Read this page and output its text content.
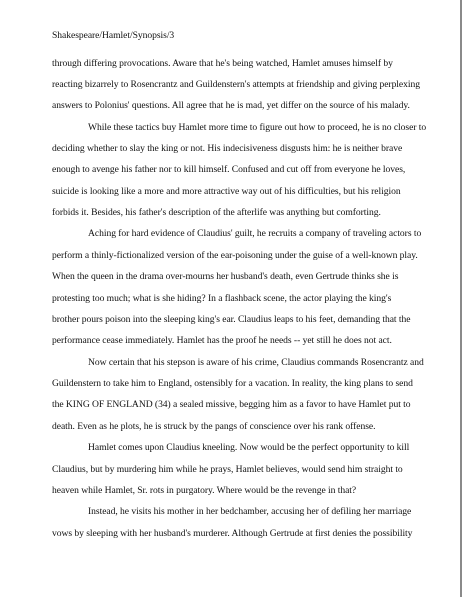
Shakespeare/Hamlet/Synopsis/3
through differing provocations. Aware that he's being watched, Hamlet amuses himself by
reacting bizarrely to Rosencrantz and Guildenstern's attempts at friendship and giving perplexing
answers to Polonius' questions. All agree that he is mad, yet differ on the source of his malady.
While these tactics buy Hamlet more time to figure out how to proceed, he is no closer to
deciding whether to slay the king or not. His indecisiveness disgusts him: he is neither brave
enough to avenge his father nor to kill himself. Confused and cut off from everyone he loves,
suicide is looking like a more and more attractive way out of his difficulties, but his religion
forbids it. Besides, his father's description of the afterlife was anything but comforting.
Aching for hard evidence of Claudius' guilt, he recruits a company of traveling actors to
perform a thinly-fictionalized version of the ear-poisoning under the guise of a well-known play.
When the queen in the drama over-mourns her husband's death, even Gertrude thinks she is
protesting too much; what is she hiding? In a flashback scene, the actor playing the king's
brother pours poison into the sleeping king's ear. Claudius leaps to his feet, demanding that the
performance cease immediately. Hamlet has the proof he needs -- yet still he does not act.
Now certain that his stepson is aware of his crime, Claudius commands Rosencrantz and
Guildenstern to take him to England, ostensibly for a vacation. In reality, the king plans to send
the KING OF ENGLAND (34) a sealed missive, begging him as a favor to have Hamlet put to
death. Even as he plots, he is struck by the pangs of conscience over his rank offense.
Hamlet comes upon Claudius kneeling. Now would be the perfect opportunity to kill
Claudius, but by murdering him while he prays, Hamlet believes, would send him straight to
heaven while Hamlet, Sr. rots in purgatory. Where would be the revenge in that?
Instead, he visits his mother in her bedchamber, accusing her of defiling her marriage
vows by sleeping with her husband's murderer. Although Gertrude at first denies the possibility
